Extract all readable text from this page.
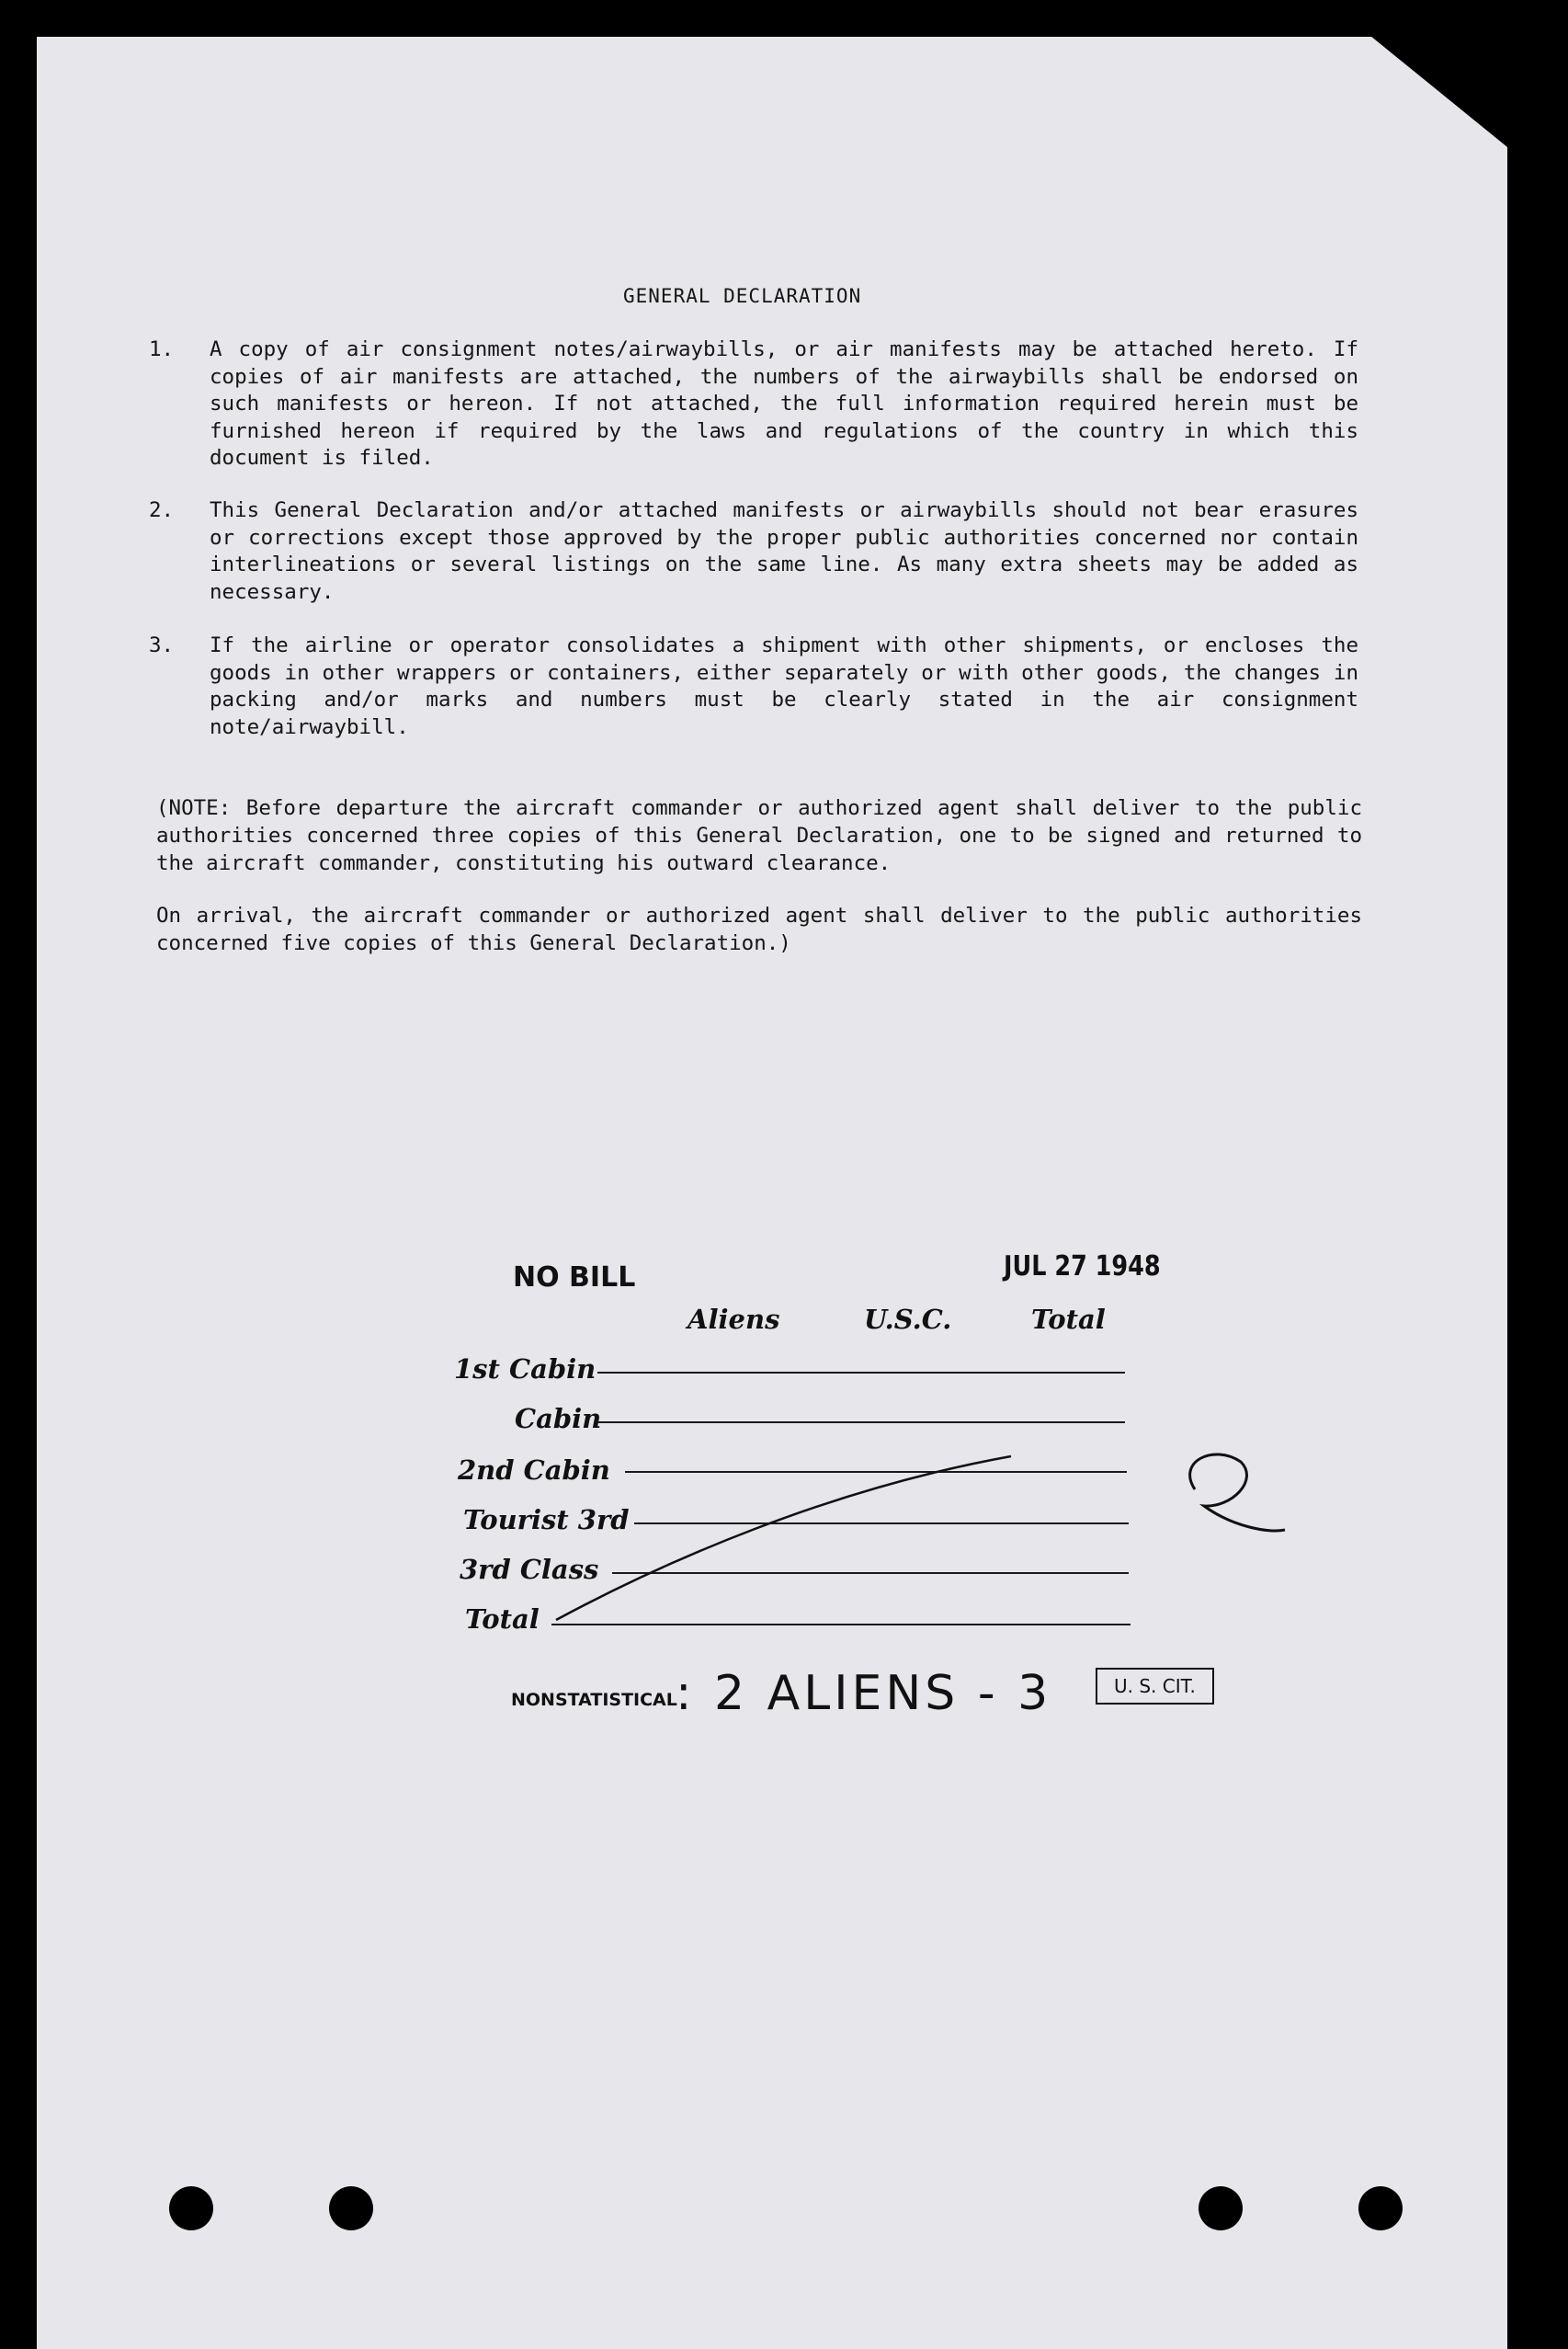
GENERAL DECLARATION
1. A copy of air consignment notes/airwaybills, or air manifests may be attached hereto. If copies of air manifests are attached, the numbers of the airwaybills shall be endorsed on such manifests or hereon. If not attached, the full information required herein must be furnished hereon if required by the laws and regulations of the country in which this document is filed.
2. This General Declaration and/or attached manifests or airwaybills should not bear erasures or corrections except those approved by the proper public authorities concerned nor contain interlineations or several listings on the same line. As many extra sheets may be added as necessary.
3. If the airline or operator consolidates a shipment with other shipments, or encloses the goods in other wrappers or containers, either separately or with other goods, the changes in packing and/or marks and numbers must be clearly stated in the air consignment note/airwaybill.
(NOTE: Before departure the aircraft commander or authorized agent shall deliver to the public authorities concerned three copies of this General Declaration, one to be signed and returned to the aircraft commander, constituting his outward clearance.
On arrival, the aircraft commander or authorized agent shall deliver to the public authorities concerned five copies of this General Declaration.)
NO BILL	JUL 27 1948
Aliens	U.S.C.	Total
1st Cabin
Cabin
2nd Cabin
Tourist 3rd
3rd Class
Total
NONSTATISTICAL
: 2 ALIENS - 3	U. S. CIT.
